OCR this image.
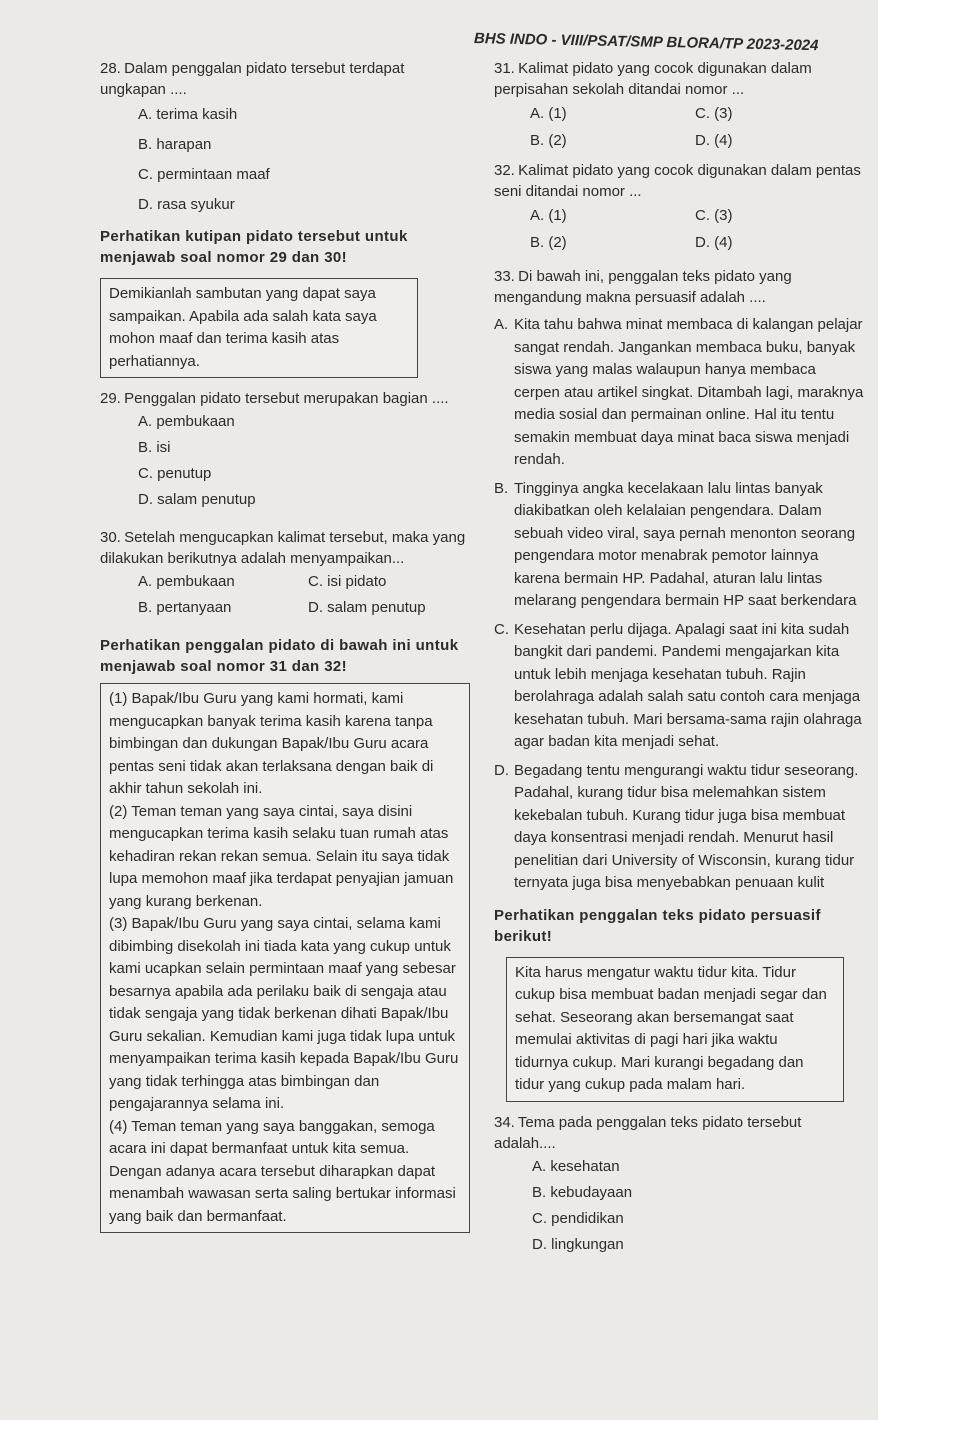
BHS INDO - VIII/PSAT/SMP BLORA/TP 2023-2024

28. Dalam penggalan pidato tersebut terdapat ungkapan ....

A. terima kasih
B. harapan
C. permintaan maaf
D. rasa syukur
Perhatikan kutipan pidato tersebut untuk menjawab soal nomor 29 dan 30!
Demikianlah sambutan yang dapat saya sampaikan. Apabila ada salah kata saya mohon maaf dan terima kasih atas perhatiannya.

29. Penggalan pidato tersebut merupakan bagian ....

A. pembukaan
B. isi
C. penutup
D. salam penutup

30. Setelah mengucapkan kalimat tersebut, maka yang dilakukan berikutnya adalah menyampaikan...

A. pembukaan	C. isi pidato
B. pertanyaan	D. salam penutup
Perhatikan penggalan pidato di bawah ini untuk menjawab soal nomor 31 dan 32!
(1) Bapak/Ibu Guru yang kami hormati, kami mengucapkan banyak terima kasih karena tanpa bimbingan dan dukungan Bapak/Ibu Guru acara pentas seni tidak akan terlaksana dengan baik di akhir tahun sekolah ini.
(2) Teman teman yang saya cintai, saya disini mengucapkan terima kasih selaku tuan rumah atas kehadiran rekan rekan semua. Selain itu saya tidak lupa memohon maaf jika terdapat penyajian jamuan yang kurang berkenan.
(3) Bapak/Ibu Guru yang saya cintai, selama kami dibimbing disekolah ini tiada kata yang cukup untuk kami ucapkan selain permintaan maaf yang sebesar besarnya apabila ada perilaku baik di sengaja atau tidak sengaja yang tidak berkenan dihati Bapak/Ibu Guru sekalian. Kemudian kami juga tidak lupa untuk menyampaikan terima kasih kepada Bapak/Ibu Guru yang tidak terhingga atas bimbingan dan pengajarannya selama ini.
(4) Teman teman yang saya banggakan, semoga acara ini dapat bermanfaat untuk kita semua. Dengan adanya acara tersebut diharapkan dapat menambah wawasan serta saling bertukar informasi yang baik dan bermanfaat.

31. Kalimat pidato yang cocok digunakan dalam perpisahan sekolah ditandai nomor ...

A. (1)	C. (3)
B. (2)	D. (4)

32. Kalimat pidato yang cocok digunakan dalam pentas seni ditandai nomor ...

A. (1)	C. (3)
B. (2)	D. (4)

33. Di bawah ini, penggalan teks pidato yang mengandung makna persuasif adalah ....

A. Kita tahu bahwa minat membaca di kalangan pelajar sangat rendah. Jangankan membaca buku, banyak siswa yang malas walaupun hanya membaca cerpen atau artikel singkat. Ditambah lagi, maraknya media sosial dan permainan online. Hal itu tentu semakin membuat daya minat baca siswa menjadi rendah.
B. Tingginya angka kecelakaan lalu lintas banyak diakibatkan oleh kelalaian pengendara. Dalam sebuah video viral, saya pernah menonton seorang pengendara motor menabrak pemotor lainnya karena bermain HP. Padahal, aturan lalu lintas melarang pengendara bermain HP saat berkendara
C. Kesehatan perlu dijaga. Apalagi saat ini kita sudah bangkit dari pandemi. Pandemi mengajarkan kita untuk lebih menjaga kesehatan tubuh. Rajin berolahraga adalah salah satu contoh cara menjaga kesehatan tubuh. Mari bersama-sama rajin olahraga agar badan kita menjadi sehat.
D. Begadang tentu mengurangi waktu tidur seseorang. Padahal, kurang tidur bisa melemahkan sistem kekebalan tubuh. Kurang tidur juga bisa membuat daya konsentrasi menjadi rendah. Menurut hasil penelitian dari University of Wisconsin, kurang tidur ternyata juga bisa menyebabkan penuaan kulit
Perhatikan penggalan teks pidato persuasif berikut!
Kita harus mengatur waktu tidur kita. Tidur cukup bisa membuat badan menjadi segar dan sehat. Seseorang akan bersemangat saat memulai aktivitas di pagi hari jika waktu tidurnya cukup. Mari kurangi begadang dan tidur yang cukup pada malam hari.

34. Tema pada penggalan teks pidato tersebut adalah....

A. kesehatan
B. kebudayaan
C. pendidikan
D. lingkungan
